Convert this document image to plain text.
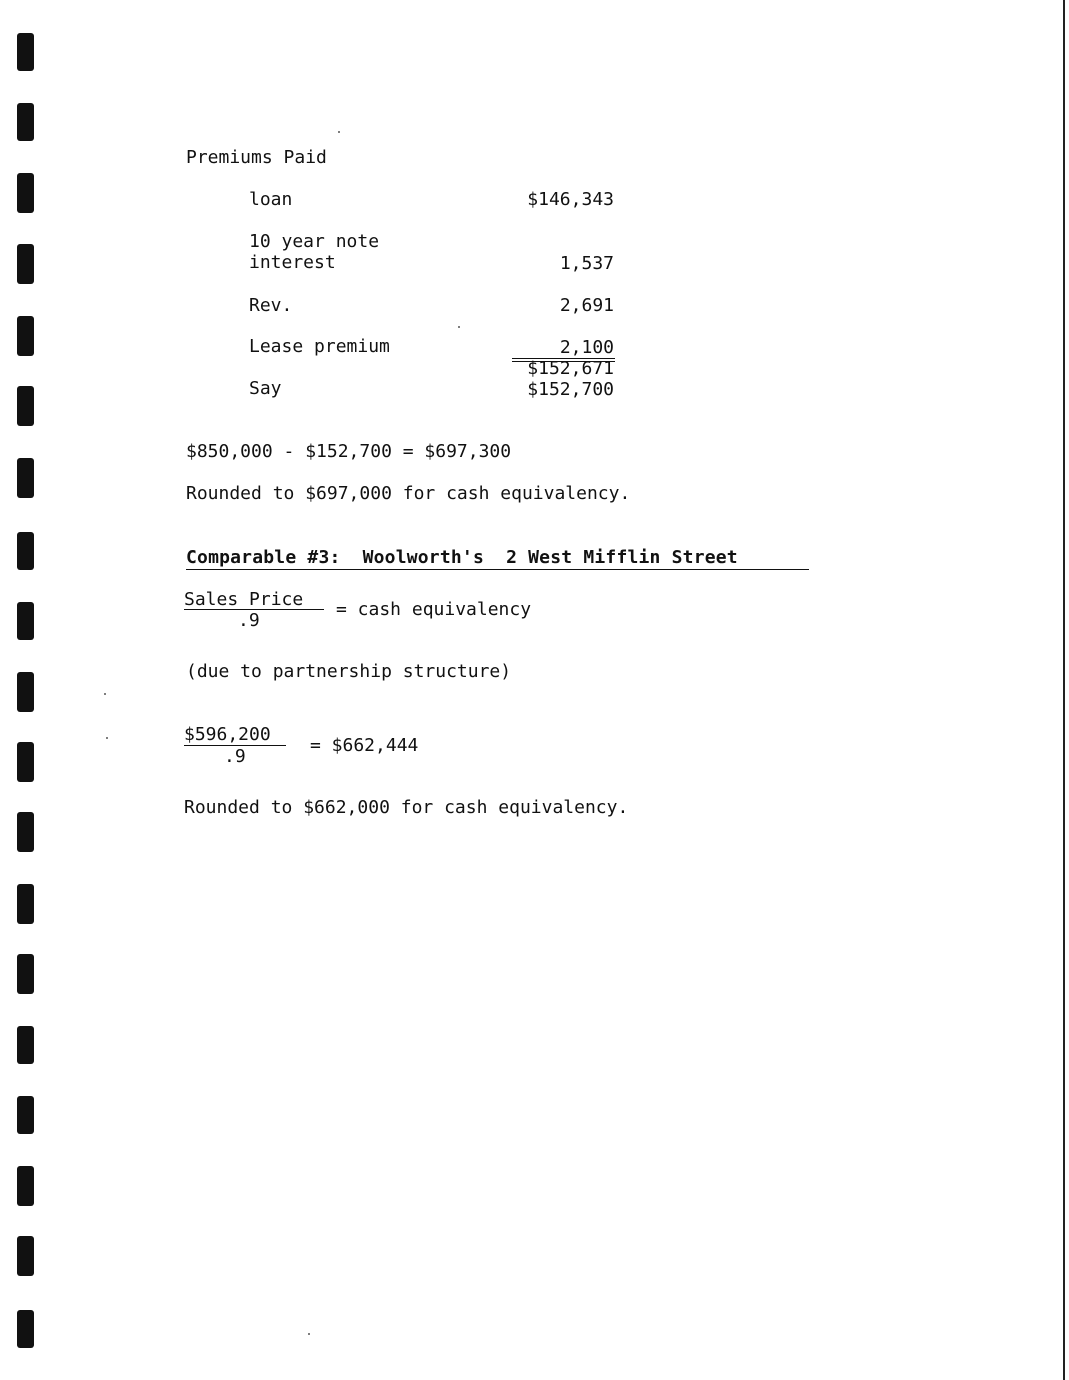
Premiums Paid
loan	$146,343
10 year note
interest	1,537
Rev.	2,691
Lease premium	2,100
$152,671
Say	$152,700
$850,000 - $152,700 = $697,300
Rounded to $697,000 for cash equivalency.
Comparable #3:  Woolworth's  2 West Mifflin Street
Sales Price
.9
= cash equivalency
(due to partnership structure)
$596,200
.9
= $662,444
Rounded to $662,000 for cash equivalency.
